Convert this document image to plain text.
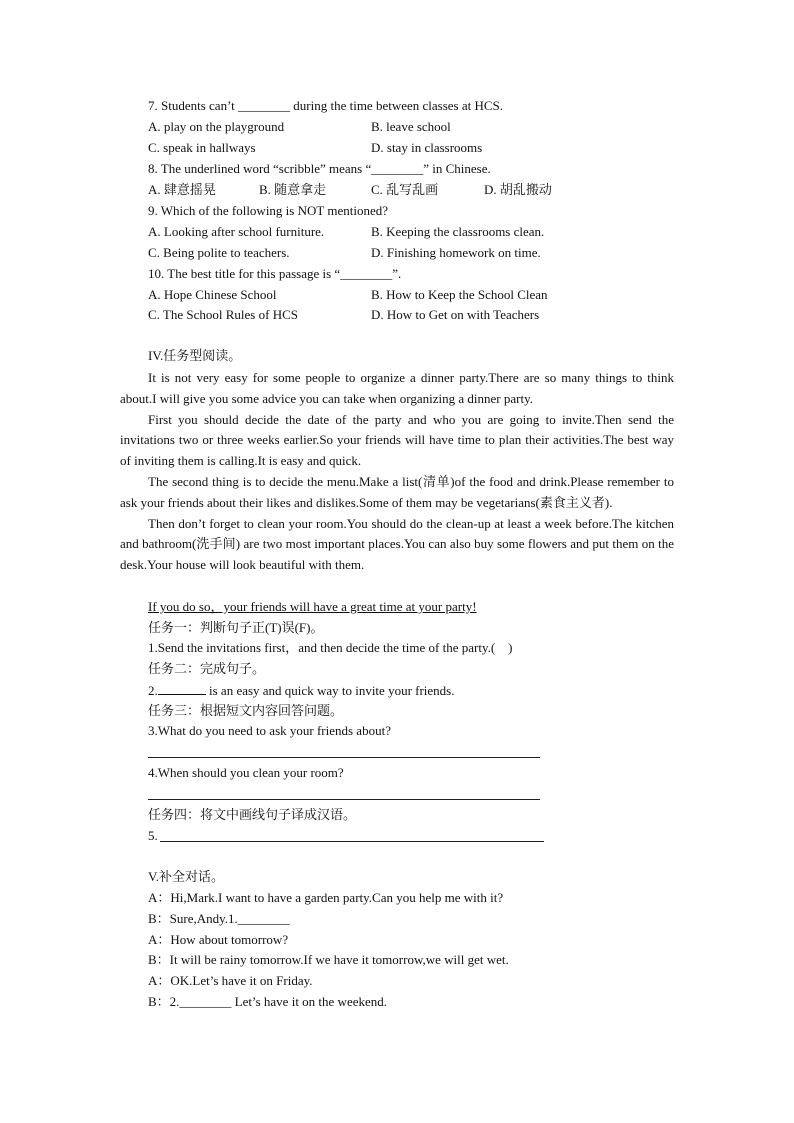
7. Students can’t ________ during the time between classes at HCS.
A. play on the playground	B. leave school
C. speak in hallways	D. stay in classrooms
8. The underlined word “scribble” means “________” in Chinese.
A. 肆意摇晃	B. 随意拿走	C. 乱写乱画	D. 胡乱搬动
9. Which of the following is NOT mentioned?
A. Looking after school furniture.	B. Keeping the classrooms clean.
C. Being polite to teachers.	D. Finishing homework on time.
10. The best title for this passage is “________”.
A. Hope Chinese School	B. How to Keep the School Clean
C. The School Rules of HCS	D. How to Get on with Teachers
IV.任务型阅读。

It is not very easy for some people to organize a dinner party.There are so many things to think about.I will give you some advice you can take when organizing a dinner party.

First you should decide the date of the party and who you are going to invite.Then send the invitations two or three weeks earlier.So your friends will have time to plan their activities.The best way of inviting them is calling.It is easy and quick.

The second thing is to decide the menu.Make a list(清单)of the food and drink.Please remember to ask your friends about their likes and dislikes.Some of them may be vegetarians(素食主义者).

Then don’t forget to clean your room.You should do the clean-up at least a week before.The kitchen and bathroom(洗手间) are two most important places.You can also buy some flowers and put them on the desk.Your house will look beautiful with them.

If you do so，your friends will have a great time at your party!
任务一：判断句子正(T)误(F)。
1.Send the invitations first，and then decide the time of the party.(　)
任务二：完成句子。
2.	is an easy and quick way to invite your friends.
任务三：根据短文内容回答问题。
3.What do you need to ask your friends about?
4.When should you clean your room?
任务四：将文中画线句子译成汉语。
5.
V.补全对话。
A：Hi,Mark.I want to have a garden party.Can you help me with it?
B：Sure,Andy.1.________
A：How about tomorrow?
B：It will be rainy tomorrow.If we have it tomorrow,we will get wet.
A：OK.Let’s have it on Friday.
B：2.________ Let’s have it on the weekend.
